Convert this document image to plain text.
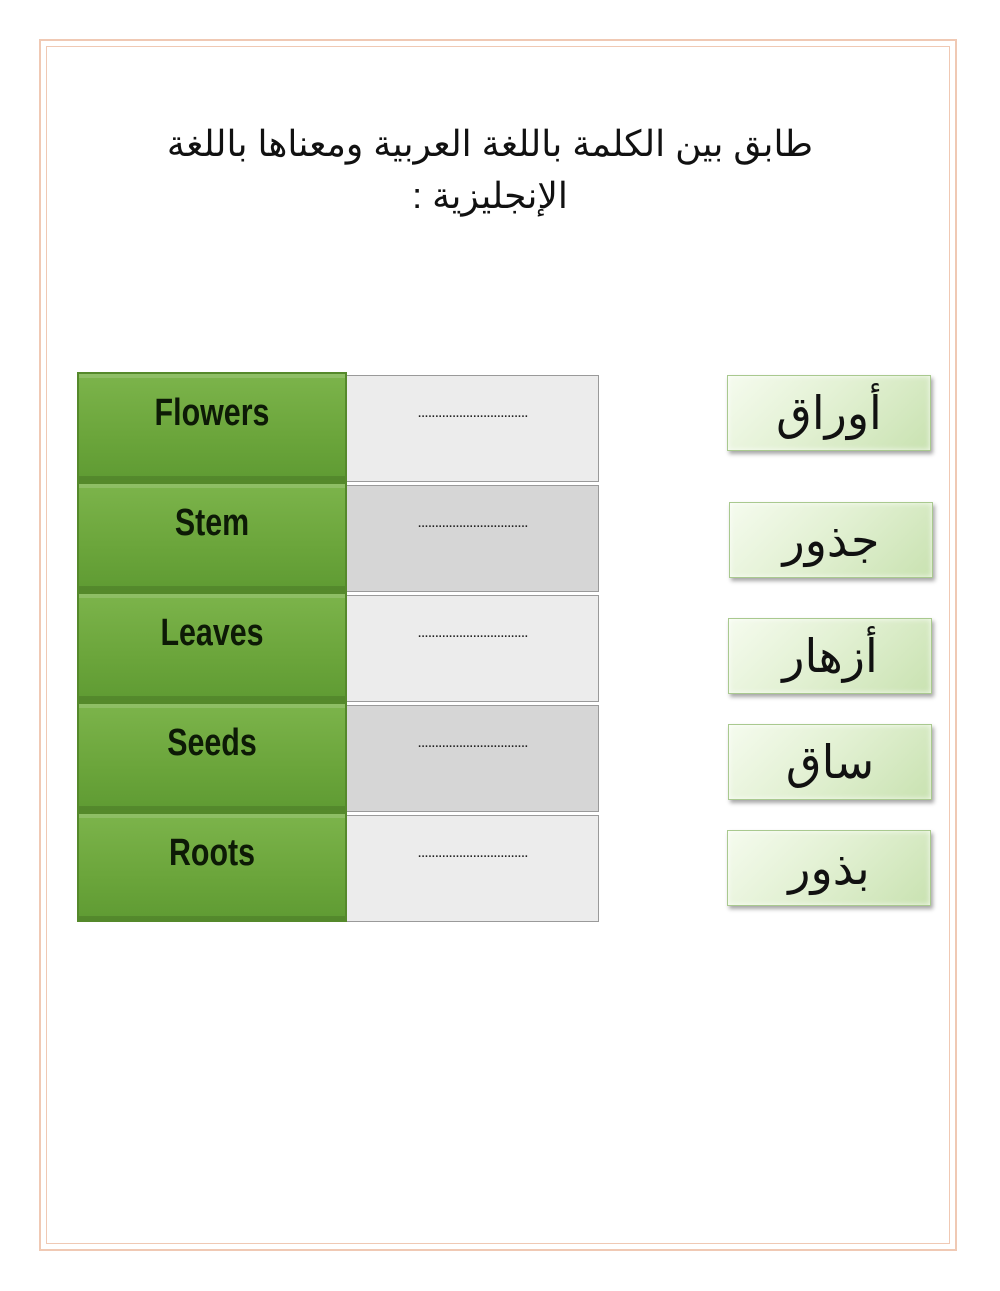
طابق بين الكلمة باللغة العربية ومعناها باللغة الإنجليزية :
Flowers	................................
Stem	................................
Leaves	................................
Seeds	................................
Roots	................................
أوراق
جذور
أزهار
ساق
بذور
